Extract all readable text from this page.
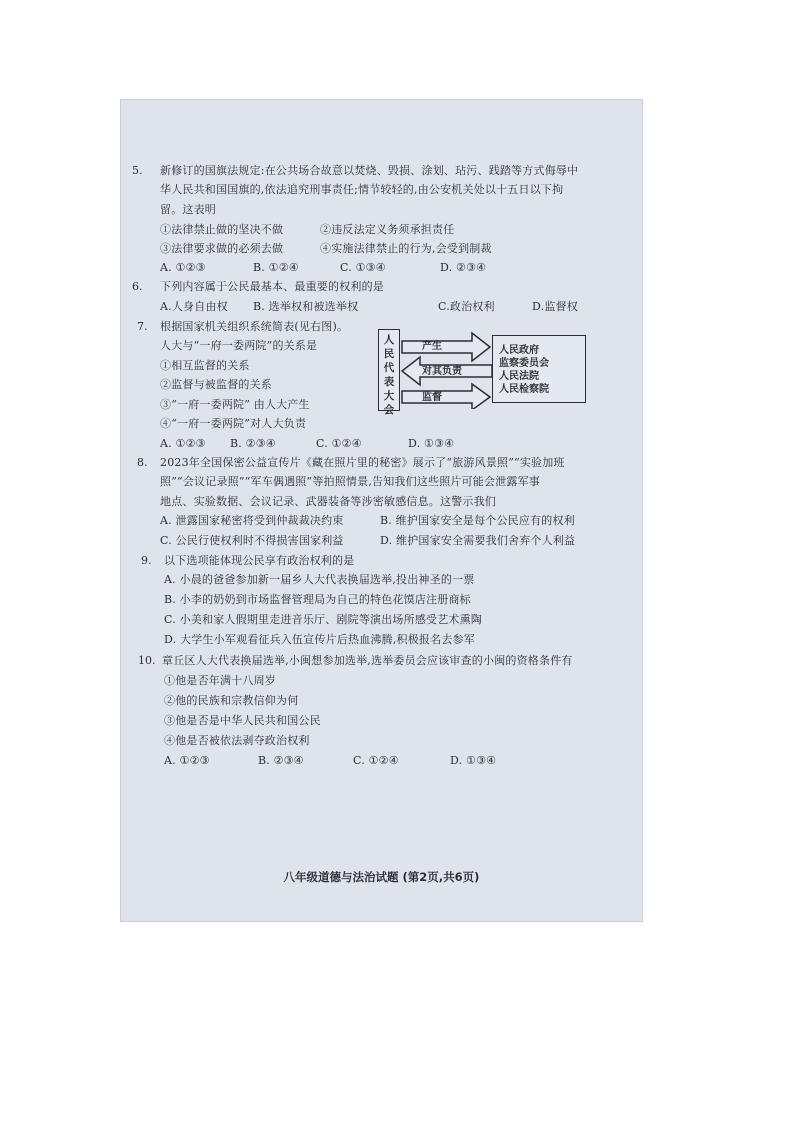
5. 新修订的国旗法规定:在公共场合故意以焚烧、毁损、涂划、玷污、践踏等方式侮辱中
华人民共和国国旗的,依法追究刑事责任;情节较轻的,由公安机关处以十五日以下拘
留。这表明
①法律禁止做的坚决不做	②违反法定义务须承担责任
③法律要求做的必须去做	④实施法律禁止的行为,会受到制裁
A. ①②③	B. ①②④	C. ①③④	D. ②③④
6. 下列内容属于公民最基本、最重要的权利的是
A.人身自由权 B. 选举权和被选举权	C.政治权利	D.监督权
7. 根据国家机关组织系统简表(见右图)。
人大与“一府一委两院”的关系是
①相互监督的关系
②监督与被监督的关系
③“一府一委两院” 由人大产生
④“一府一委两院”对人大负责
A. ①②③ B. ②③④	C. ①②④	D. ①③④
人民代表大会
产生
对其负责
监督
人民政府
监察委员会
人民法院
人民检察院
8. 2023年全国保密公益宣传片《藏在照片里的秘密》展示了“旅游风景照”“实验加班
照”“会议记录照”“军车偶遇照”等拍照情景,告知我们这些照片可能会泄露军事
地点、实验数据、会议记录、武器装备等涉密敏感信息。这警示我们
A. 泄露国家秘密将受到仲裁裁决约束	B. 维护国家安全是每个公民应有的权利
C. 公民行使权利时不得损害国家利益	D. 维护国家安全需要我们舍弃个人利益
9. 以下选项能体现公民享有政治权利的是
A. 小晨的爸爸参加新一届乡人大代表换届选举,投出神圣的一票
B. 小李的奶奶到市场监督管理局为自己的特色花馍店注册商标
C. 小美和家人假期里走进音乐厅、剧院等演出场所感受艺术熏陶
D. 大学生小军观看征兵入伍宣传片后热血沸腾,积极报名去参军
10. 章丘区人大代表换届选举,小闽想参加选举,选举委员会应该审查的小闽的资格条件有
①他是否年满十八周岁
②他的民族和宗教信仰为何
③他是否是中华人民共和国公民
④他是否被依法剥夺政治权利
A. ①②③	B. ②③④	C. ①②④	D. ①③④
八年级道德与法治试题 (第2页,共6页)
